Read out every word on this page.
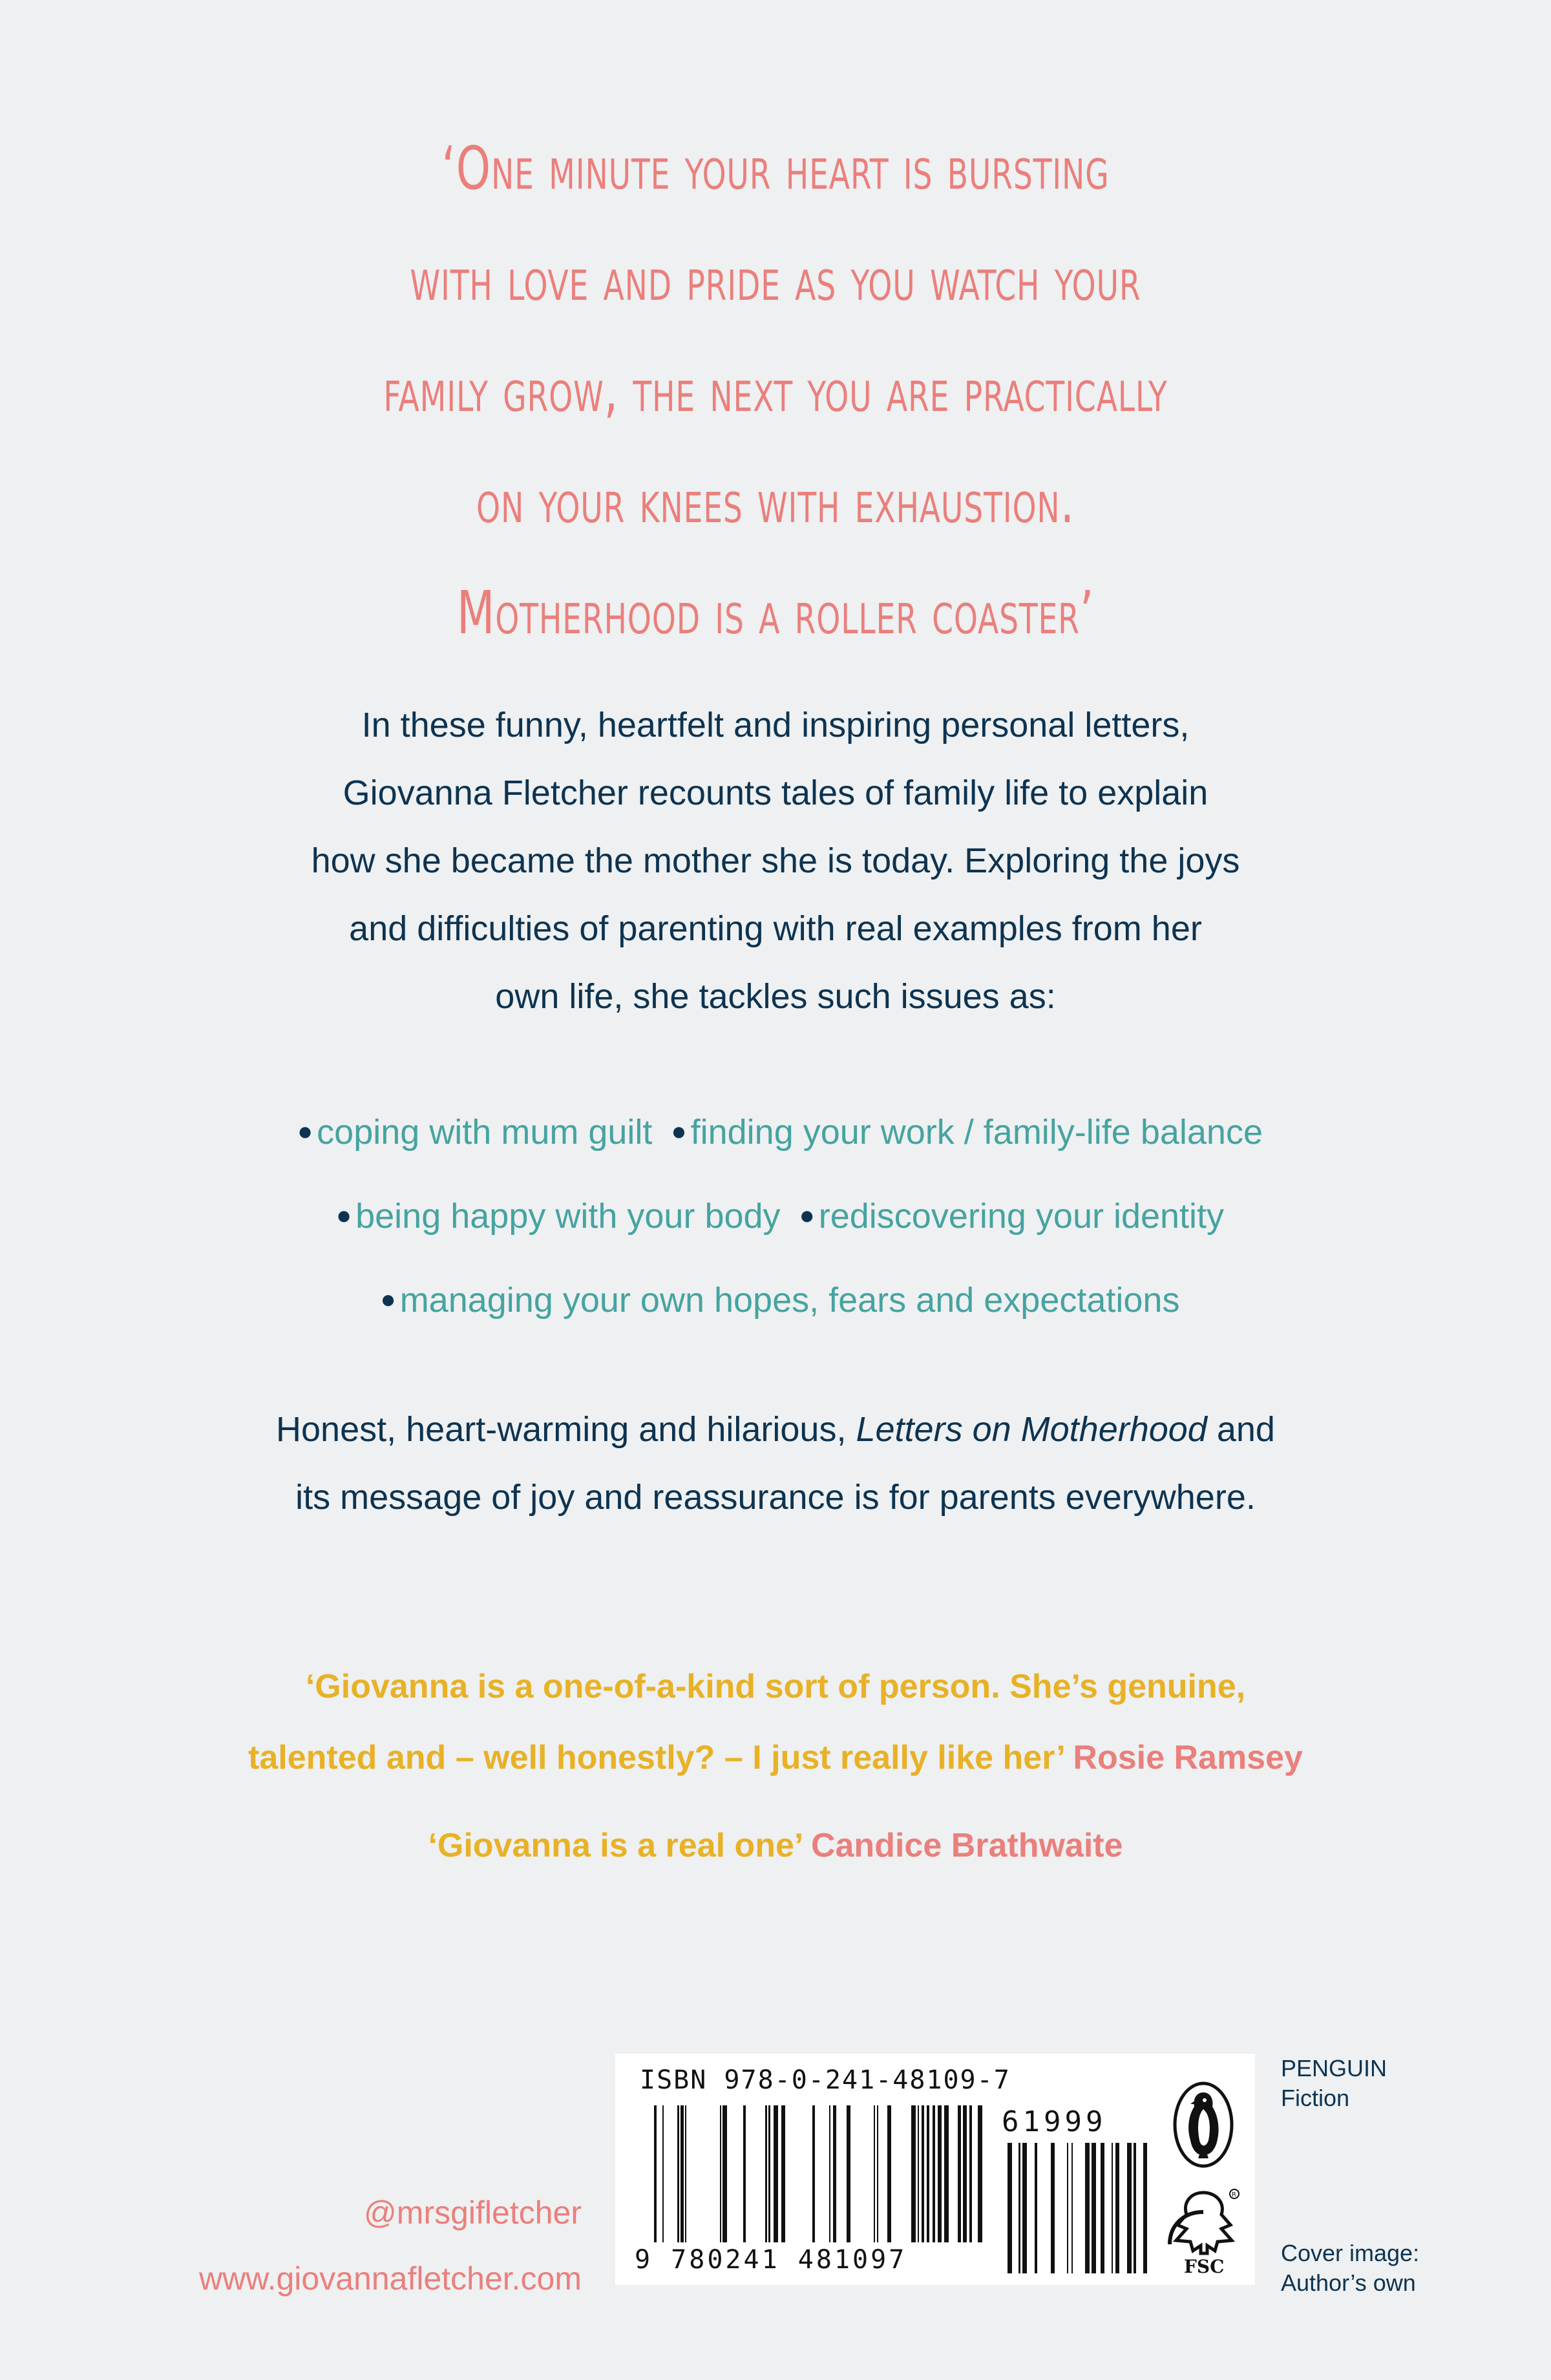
‘One minute your heart is bursting
with love and pride as you watch your
family grow, the next you are practically
on your knees with exhaustion.
Motherhood is a roller coaster’
In these funny, heartfelt and inspiring personal letters,
Giovanna Fletcher recounts tales of family life to explain
how she became the mother she is today. Exploring the joys
and difficulties of parenting with real examples from her
own life, she tackles such issues as:
● coping with mum guilt ● finding your work / family-life balance
● being happy with your body ● rediscovering your identity
● managing your own hopes, fears and expectations
Honest, heart-warming and hilarious, Letters on Motherhood and
its message of joy and reassurance is for parents everywhere.
‘Giovanna is a one-of-a-kind sort of person. She’s genuine,
talented and – well honestly? – I just really like her’ Rosie Ramsey
‘Giovanna is a real one’ Candice Brathwaite
@mrsgifletcher
www.giovannafletcher.com
ISBN 978-0-241-48109-7
61999
9 780241 481097
R
FSC
PENGUIN
Fiction
Cover image:
Author’s own
